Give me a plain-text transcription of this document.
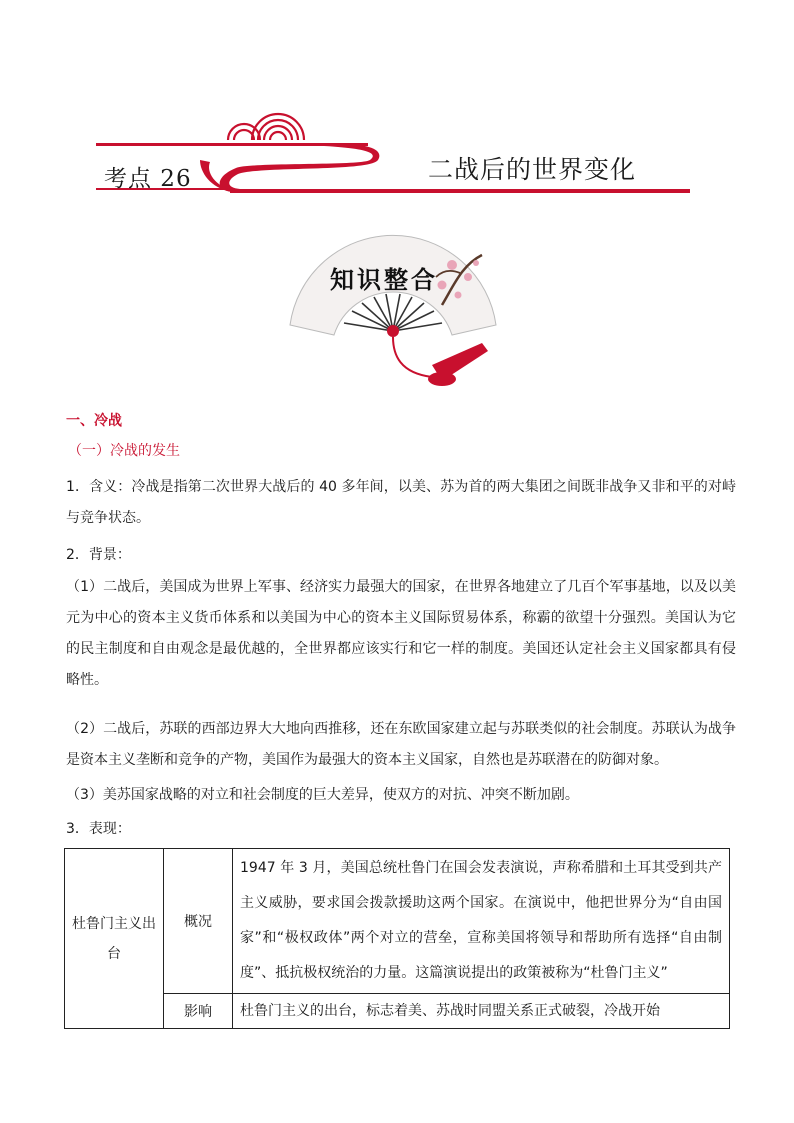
✦
考点 26	二战后的世界变化
知识整合
一、冷战
（一）冷战的发生
1．含义：冷战是指第二次世界大战后的 40 多年间，以美、苏为首的两大集团之间既非战争又非和平的对峙与竞争状态。
2．背景：
（1）二战后，美国成为世界上军事、经济实力最强大的国家，在世界各地建立了几百个军事基地，以及以美元为中心的资本主义货币体系和以美国为中心的资本主义国际贸易体系，称霸的欲望十分强烈。美国认为它的民主制度和自由观念是最优越的，全世界都应该实行和它一样的制度。美国还认定社会主义国家都具有侵略性。
（2）二战后，苏联的西部边界大大地向西推移，还在东欧国家建立起与苏联类似的社会制度。苏联认为战争是资本主义垄断和竞争的产物，美国作为最强大的资本主义国家，自然也是苏联潜在的防御对象。
（3）美苏国家战略的对立和社会制度的巨大差异，使双方的对抗、冲突不断加剧。
3．表现：
杜鲁门主义出台	概况	1947 年 3 月，美国总统杜鲁门在国会发表演说，声称希腊和土耳其受到共产主义威胁，要求国会拨款援助这两个国家。在演说中，他把世界分为“自由国家”和“极权政体”两个对立的营垒，宣称美国将领导和帮助所有选择“自由制度”、抵抗极权统治的力量。这篇演说提出的政策被称为“杜鲁门主义”
	影响	杜鲁门主义的出台，标志着美、苏战时同盟关系正式破裂，冷战开始
